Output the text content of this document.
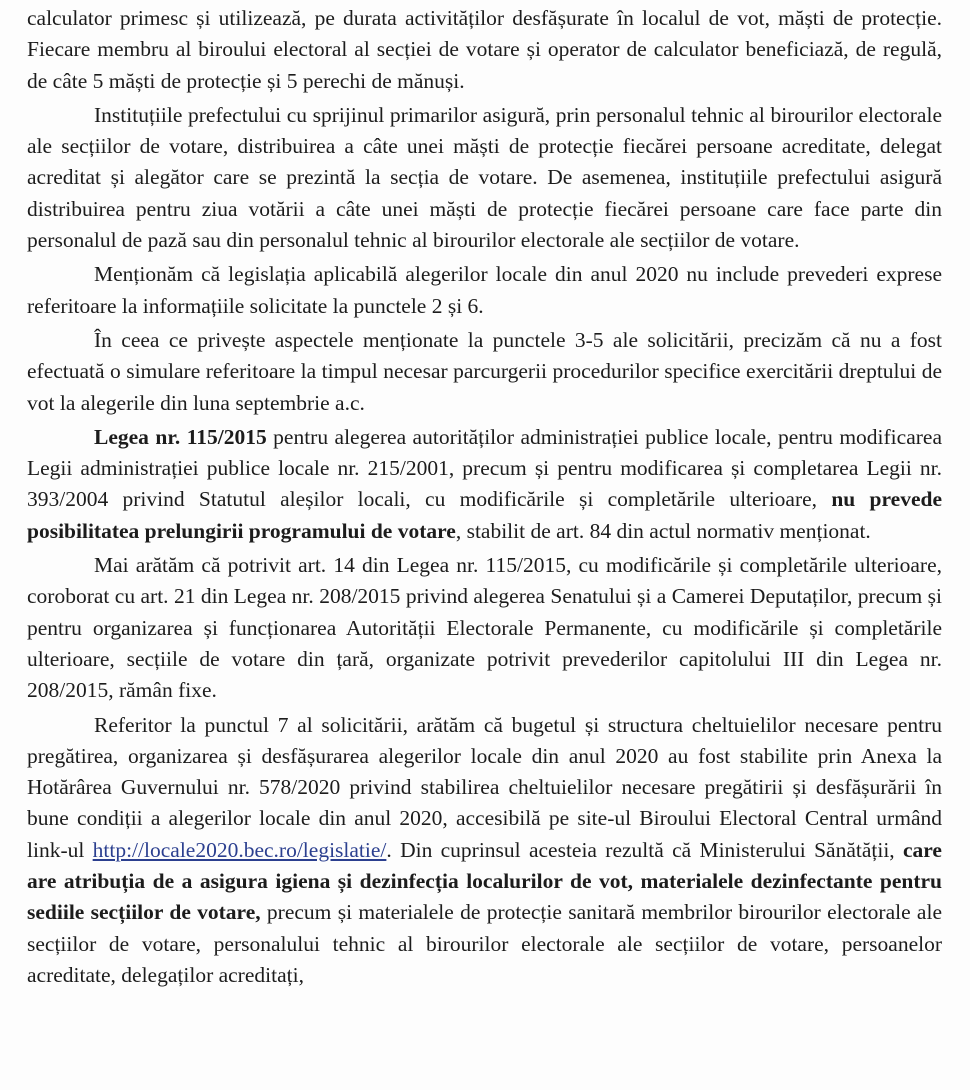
calculator primesc și utilizează, pe durata activităților desfășurate în localul de vot, măști de protecție. Fiecare membru al biroului electoral al secției de votare și operator de calculator beneficiază, de regulă, de câte 5 măști de protecție și 5 perechi de mănuși.

Instituțiile prefectului cu sprijinul primarilor asigură, prin personalul tehnic al birourilor electorale ale secțiilor de votare, distribuirea a câte unei măști de protecție fiecărei persoane acreditate, delegat acreditat și alegător care se prezintă la secția de votare. De asemenea, instituțiile prefectului asigură distribuirea pentru ziua votării a câte unei măști de protecție fiecărei persoane care face parte din personalul de pază sau din personalul tehnic al birourilor electorale ale secțiilor de votare.

Menționăm că legislația aplicabilă alegerilor locale din anul 2020 nu include prevederi exprese referitoare la informațiile solicitate la punctele 2 și 6.

În ceea ce privește aspectele menționate la punctele 3-5 ale solicitării, precizăm că nu a fost efectuată o simulare referitoare la timpul necesar parcurgerii procedurilor specifice exercitării dreptului de vot la alegerile din luna septembrie a.c.

Legea nr. 115/2015 pentru alegerea autorităților administrației publice locale, pentru modificarea Legii administrației publice locale nr. 215/2001, precum și pentru modificarea și completarea Legii nr. 393/2004 privind Statutul aleșilor locali, cu modificările și completările ulterioare, nu prevede posibilitatea prelungirii programului de votare, stabilit de art. 84 din actul normativ menționat.

Mai arătăm că potrivit art. 14 din Legea nr. 115/2015, cu modificările și completările ulterioare, coroborat cu art. 21 din Legea nr. 208/2015 privind alegerea Senatului și a Camerei Deputaților, precum și pentru organizarea și funcționarea Autorității Electorale Permanente, cu modificările și completările ulterioare, secțiile de votare din țară, organizate potrivit prevederilor capitolului III din Legea nr. 208/2015, rămân fixe.

Referitor la punctul 7 al solicitării, arătăm că bugetul și structura cheltuielilor necesare pentru pregătirea, organizarea și desfășurarea alegerilor locale din anul 2020 au fost stabilite prin Anexa la Hotărârea Guvernului nr. 578/2020 privind stabilirea cheltuielilor necesare pregătirii și desfășurării în bune condiții a alegerilor locale din anul 2020, accesibilă pe site-ul Biroului Electoral Central urmând link-ul http://locale2020.bec.ro/legislatie/. Din cuprinsul acesteia rezultă că Ministerului Sănătății, care are atribuția de a asigura igiena și dezinfecția localurilor de vot, materialele dezinfectante pentru sediile secțiilor de votare, precum și materialele de protecție sanitară membrilor birourilor electorale ale secțiilor de votare, personalului tehnic al birourilor electorale ale secțiilor de votare, persoanelor acreditate, delegaților acreditați,
